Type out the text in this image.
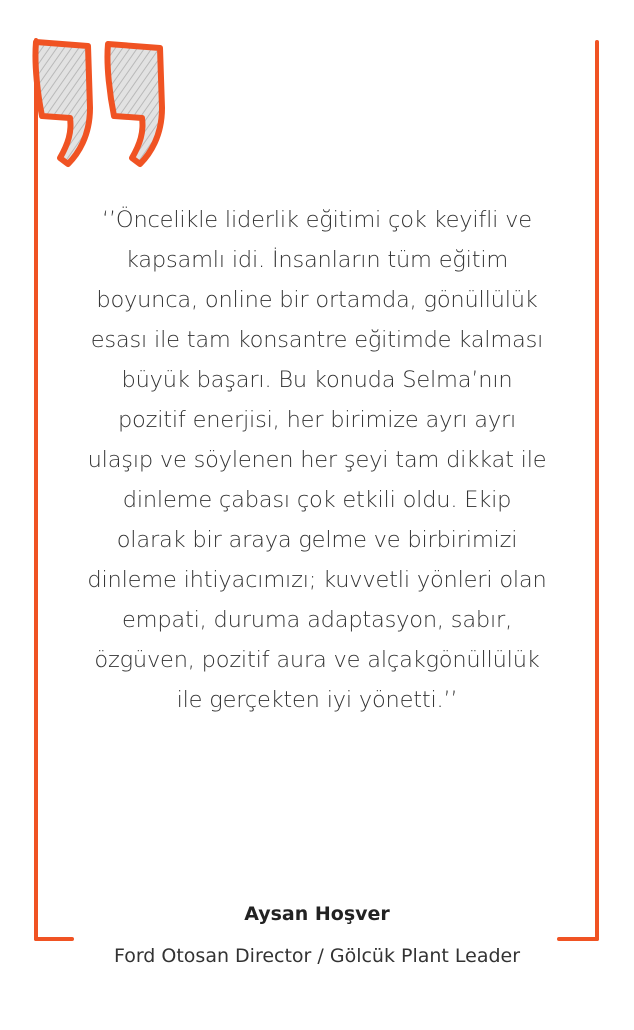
‘’Öncelikle liderlik eğitimi çok keyifli ve
kapsamlı idi. İnsanların tüm eğitim
boyunca, online bir ortamda, gönüllülük
esası ile tam konsantre eğitimde kalması
büyük başarı. Bu konuda Selma’nın
pozitif enerjisi, her birimize ayrı ayrı
ulaşıp ve söylenen her şeyi tam dikkat ile
dinleme çabası çok etkili oldu. Ekip
olarak bir araya gelme ve birbirimizi
dinleme ihtiyacımızı; kuvvetli yönleri olan
empati, duruma adaptasyon, sabır,
özgüven, pozitif aura ve alçakgönüllülük
ile gerçekten iyi yönetti.’’
Aysan Hoşver
Ford Otosan Director / Gölcük Plant Leader
